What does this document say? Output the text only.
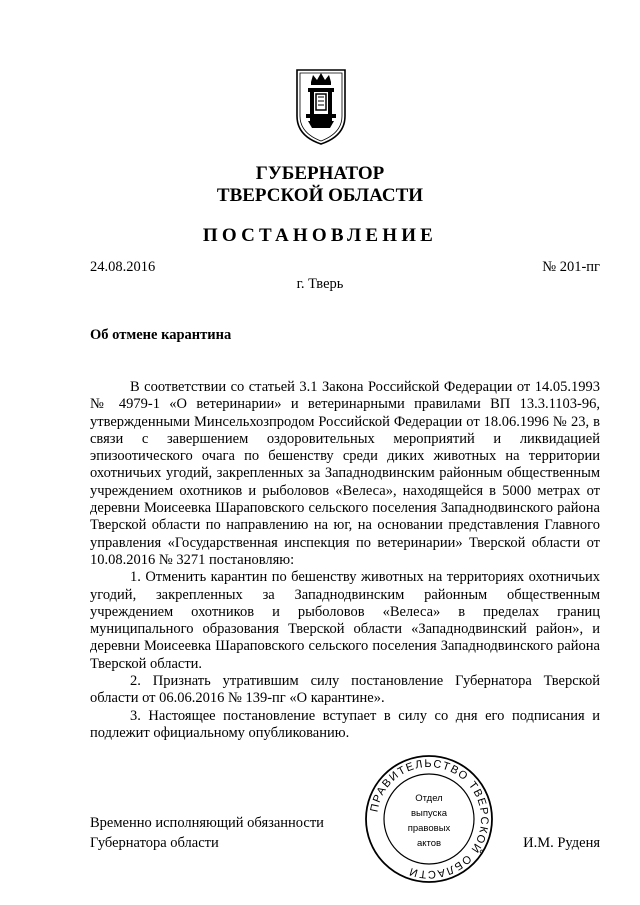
ГУБЕРНАТОР
ТВЕРСКОЙ ОБЛАСТИ
ПОСТАНОВЛЕНИЕ
24.08.2016	№ 201-пг
г. Тверь
Об отмене карантина

В соответствии со статьей 3.1 Закона Российской Федерации от 14.05.1993 № 4979-1 «О ветеринарии» и ветеринарными правилами ВП 13.3.1103-96, утвержденными Минсельхозпродом Российской Федерации от 18.06.1996 № 23, в связи с завершением оздоровительных мероприятий и ликвидацией эпизоотического очага по бешенству среди диких животных на территории охотничьих угодий, закрепленных за Западнодвинским районным общественным учреждением охотников и рыболовов «Велеса», находящейся в 5000 метрах от деревни Моисеевка Шараповского сельского поселения Западнодвинского района Тверской области по направлению на юг, на основании представления Главного управления «Государственная инспекция по ветеринарии» Тверской области от 10.08.2016 № 3271 постановляю:

1. Отменить карантин по бешенству животных на территориях охотничьих угодий, закрепленных за Западнодвинским районным общественным учреждением охотников и рыболовов «Велеса» в пределах границ муниципального образования Тверской области «Западнодвинский район», и деревни Моисеевка Шараповского сельского поселения Западнодвинского района Тверской области.

2. Признать утратившим силу постановление Губернатора Тверской области от 06.06.2016 № 139-пг «О карантине».

3. Настоящее постановление вступает в силу со дня его подписания и подлежит официальному опубликованию.

Временно исполняющий обязанности
Губернатора области	И.М. Руденя
ПРАВИТЕЛЬСТВО ТВЕРСКОЙ ОБЛАСТИ
Отдел
выпуска
правовых
актов
